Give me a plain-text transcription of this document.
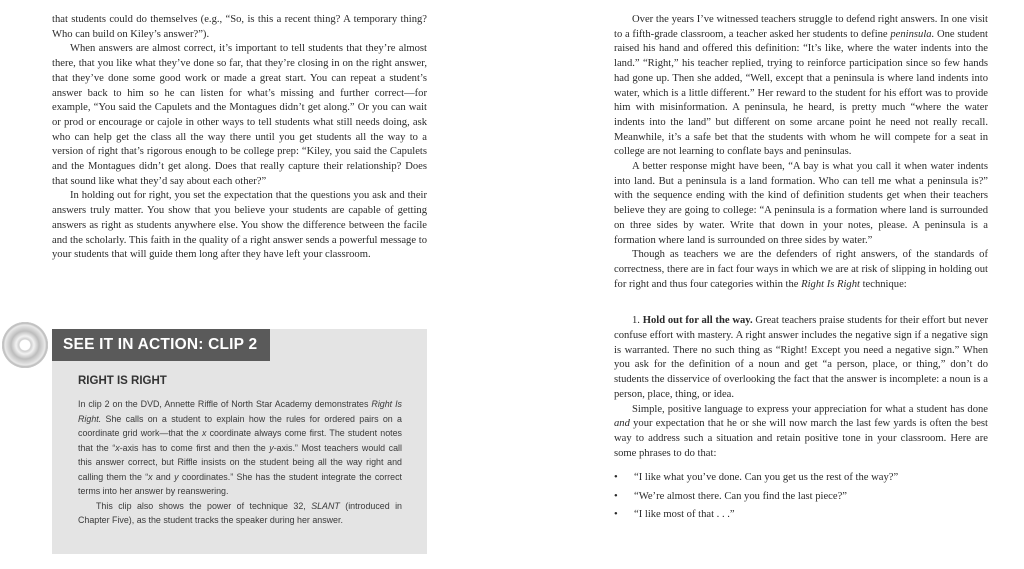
that students could do themselves (e.g., “So, is this a recent thing? A temporary thing? Who can build on Kiley’s answer?”).

When answers are almost correct, it’s important to tell students that they’re almost there, that you like what they’ve done so far, that they’re closing in on the right answer, that they’ve done some good work or made a great start. You can repeat a student’s answer back to him so he can listen for what’s missing and further correct—for example, “You said the Capulets and the Montagues didn’t get along.” Or you can wait or prod or encourage or cajole in other ways to tell students what still needs doing, ask who can help get the class all the way there until you get students all the way to a version of right that’s rigorous enough to be college prep: “Kiley, you said the Capulets and the Montagues didn’t get along. Does that really capture their relationship? Does that sound like what they’d say about each other?”

In holding out for right, you set the expectation that the questions you ask and their answers truly matter. You show that you believe your students are capable of getting answers as right as students anywhere else. You show the difference between the facile and the scholarly. This faith in the quality of a right answer sends a powerful message to your students that will guide them long after they have left your classroom.

SEE IT IN ACTION: CLIP 2
RIGHT IS RIGHT

In clip 2 on the DVD, Annette Riffle of North Star Academy demonstrates Right Is Right. She calls on a student to explain how the rules for ordered pairs on a coordinate grid work—that the x coordinate always come first. The student notes that the “x-axis has to come first and then the y-axis.” Most teachers would call this answer correct, but Riffle insists on the student being all the way right and calling them the “x and y coordinates.” She has the student integrate the correct terms into her answer by reanswering.

This clip also shows the power of technique 32, SLANT (introduced in Chapter Five), as the student tracks the speaker during her answer.

Over the years I’ve witnessed teachers struggle to defend right answers. In one visit to a fifth-grade classroom, a teacher asked her students to define peninsula. One student raised his hand and offered this definition: “It’s like, where the water indents into the land.” “Right,” his teacher replied, trying to reinforce participation since so few hands had gone up. Then she added, “Well, except that a peninsula is where land indents into water, which is a little different.” Her reward to the student for his effort was to provide him with misinformation. A peninsula, he heard, is pretty much “where the water indents into the land” but different on some arcane point he need not really recall. Meanwhile, it’s a safe bet that the students with whom he will compete for a seat in college are not learning to conflate bays and peninsulas.

A better response might have been, “A bay is what you call it when water indents into land. But a peninsula is a land formation. Who can tell me what a peninsula is?” with the sequence ending with the kind of definition students get when their teachers believe they are going to college: “A peninsula is a formation where land is surrounded on three sides by water. Write that down in your notes, please. A peninsula is a formation where land is surrounded on three sides by water.”

Though as teachers we are the defenders of right answers, of the standards of correctness, there are in fact four ways in which we are at risk of slipping in holding out for right and thus four categories within the Right Is Right technique:

1. Hold out for all the way. Great teachers praise students for their effort but never confuse effort with mastery. A right answer includes the negative sign if a negative sign is warranted. There no such thing as “Right! Except you need a negative sign.” When you ask for the definition of a noun and get “a person, place, or thing,” don’t do students the disservice of overlooking the fact that the answer is incomplete: a noun is a person, place, thing, or idea.

Simple, positive language to express your appreciation for what a student has done and your expectation that he or she will now march the last few yards is often the best way to address such a situation and retain positive tone in your classroom. Here are some phrases to do that:

• “I like what you’ve done. Can you get us the rest of the way?”
• “We’re almost there. Can you find the last piece?”
• “I like most of that . . .”
